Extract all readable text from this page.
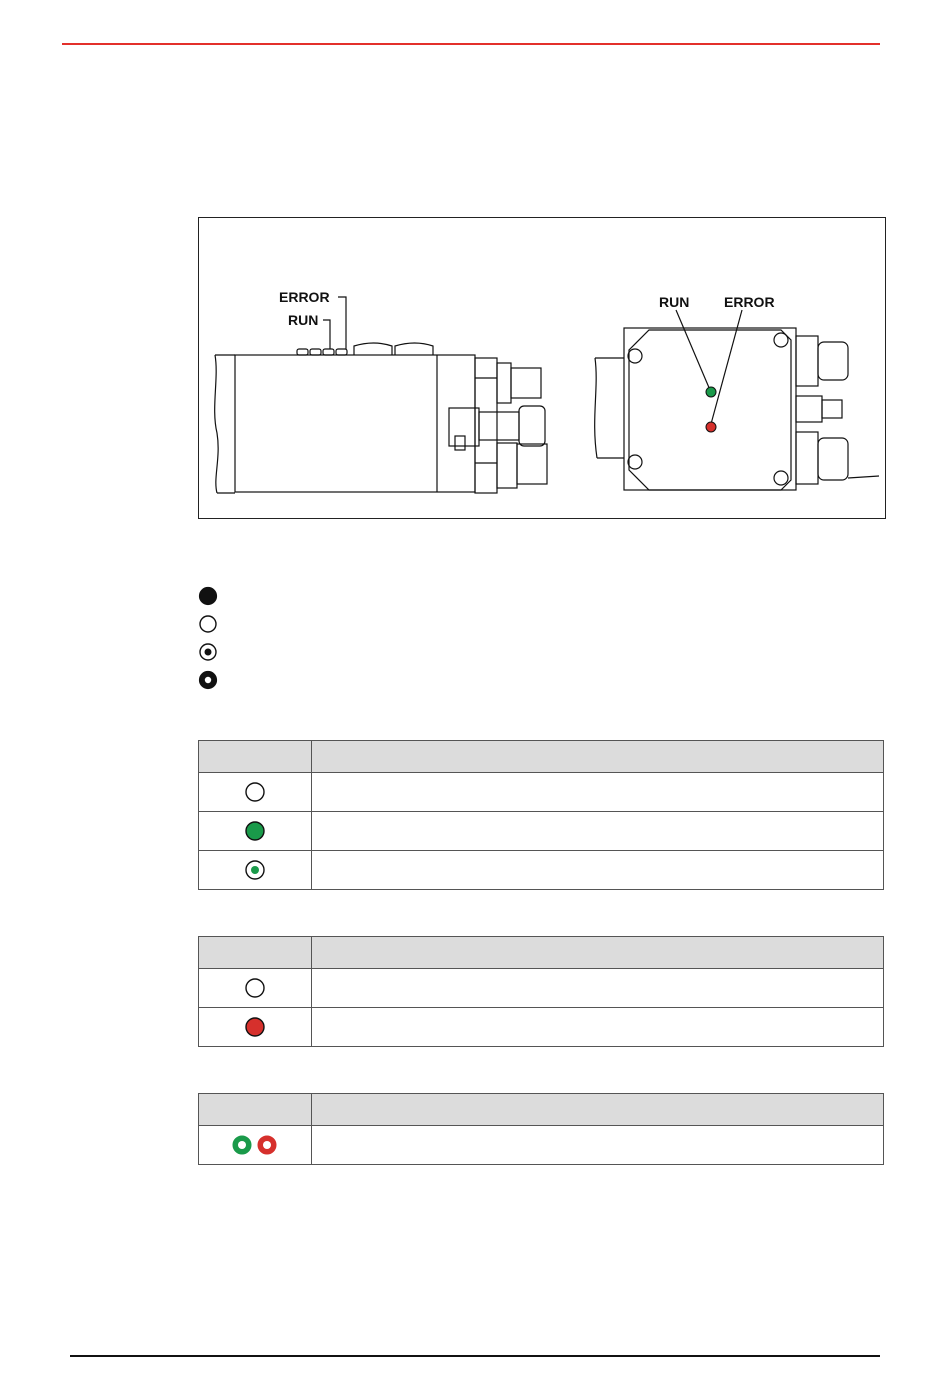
ERROR
RUN
RUN ERROR
